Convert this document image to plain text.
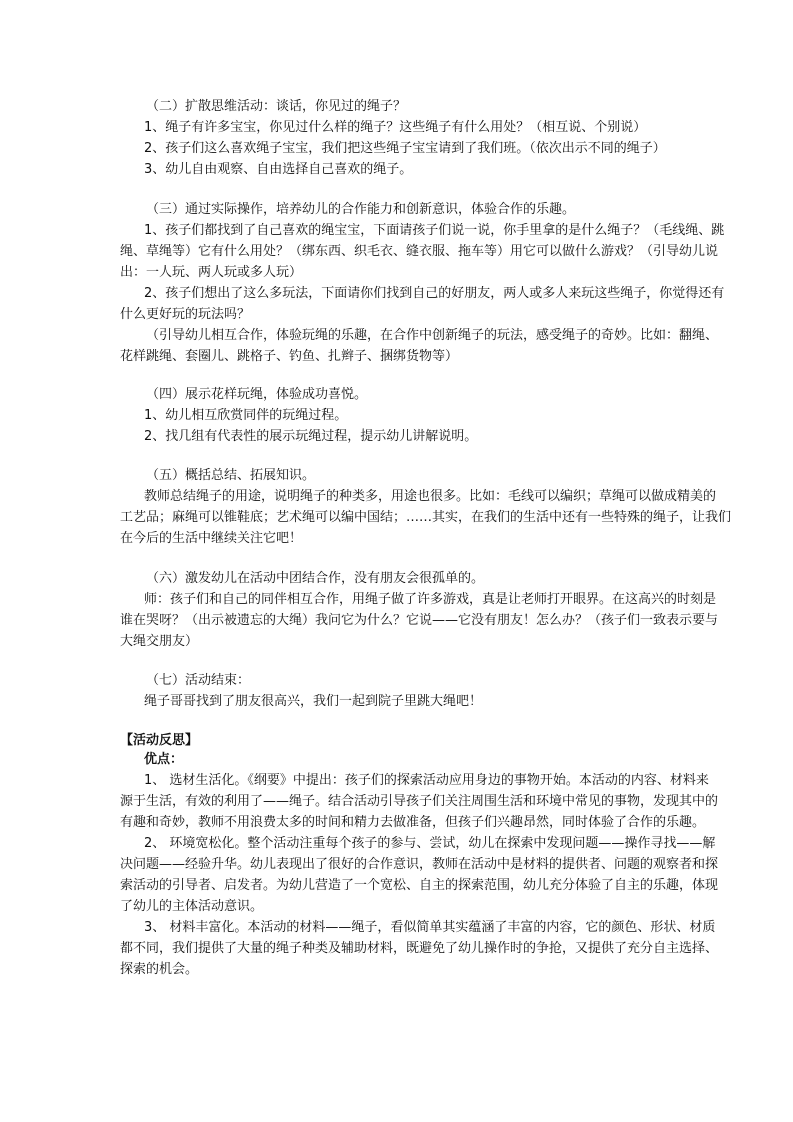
（二）扩散思维活动：谈话，你见过的绳子？
1、绳子有许多宝宝，你见过什么样的绳子？这些绳子有什么用处？（相互说、个别说）
2、孩子们这么喜欢绳子宝宝，我们把这些绳子宝宝请到了我们班。（依次出示不同的绳子）
3、幼儿自由观察、自由选择自己喜欢的绳子。
（三）通过实际操作，培养幼儿的合作能力和创新意识，体验合作的乐趣。
1、孩子们都找到了自己喜欢的绳宝宝，下面请孩子们说一说，你手里拿的是什么绳子？（毛线绳、跳
绳、草绳等）它有什么用处？（绑东西、织毛衣、缝衣服、拖车等）用它可以做什么游戏？（引导幼儿说
出：一人玩、两人玩或多人玩）
2、孩子们想出了这么多玩法，下面请你们找到自己的好朋友，两人或多人来玩这些绳子，你觉得还有
什么更好玩的玩法吗？
（引导幼儿相互合作，体验玩绳的乐趣，在合作中创新绳子的玩法，感受绳子的奇妙。比如：翻绳、
花样跳绳、套圈儿、跳格子、钓鱼、扎辫子、捆绑货物等）
（四）展示花样玩绳，体验成功喜悦。
1、幼儿相互欣赏同伴的玩绳过程。
2、找几组有代表性的展示玩绳过程，提示幼儿讲解说明。
（五）概括总结、拓展知识。
教师总结绳子的用途，说明绳子的种类多，用途也很多。比如：毛线可以编织；草绳可以做成精美的
工艺品；麻绳可以锥鞋底；艺术绳可以编中国结；……其实，在我们的生活中还有一些特殊的绳子，让我们
在今后的生活中继续关注它吧！
（六）激发幼儿在活动中团结合作，没有朋友会很孤单的。
师：孩子们和自己的同伴相互合作，用绳子做了许多游戏，真是让老师打开眼界。在这高兴的时刻是
谁在哭呀？（出示被遗忘的大绳）我问它为什么？它说——它没有朋友！怎么办？（孩子们一致表示要与
大绳交朋友）
（七）活动结束：
绳子哥哥找到了朋友很高兴，我们一起到院子里跳大绳吧！
【活动反思】
优点：
1、 选材生活化。《纲要》中提出：孩子们的探索活动应用身边的事物开始。本活动的内容、材料来
源于生活，有效的利用了——绳子。结合活动引导孩子们关注周围生活和环境中常见的事物，发现其中的
有趣和奇妙，教师不用浪费太多的时间和精力去做准备，但孩子们兴趣昂然，同时体验了合作的乐趣。
2、 环境宽松化。整个活动注重每个孩子的参与、尝试，幼儿在探索中发现问题——操作寻找——解
决问题——经验升华。幼儿表现出了很好的合作意识，教师在活动中是材料的提供者、问题的观察者和探
索活动的引导者、启发者。为幼儿营造了一个宽松、自主的探索范围，幼儿充分体验了自主的乐趣，体现
了幼儿的主体活动意识。
3、 材料丰富化。本活动的材料——绳子，看似简单其实蕴涵了丰富的内容，它的颜色、形状、材质
都不同，我们提供了大量的绳子种类及辅助材料，既避免了幼儿操作时的争抢，又提供了充分自主选择、
探索的机会。
